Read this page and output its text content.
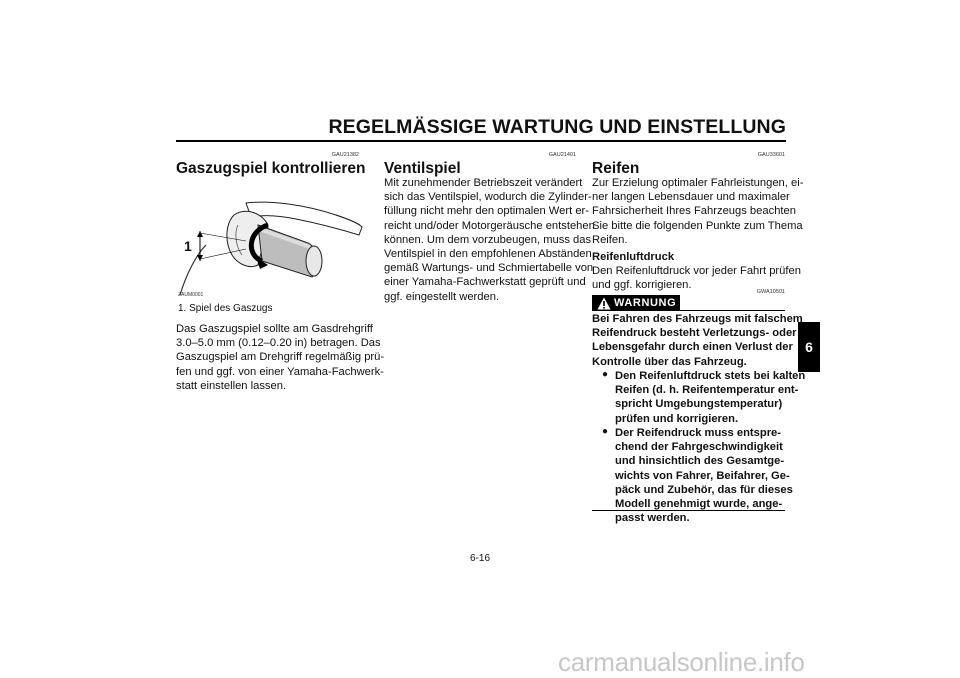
REGELMÄSSIGE WARTUNG UND EINSTELLUNG
6
GAU21382
Gaszugspiel kontrollieren
1
ZAUM0001
1. Spiel des Gaszugs
Das Gaszugspiel sollte am Gasdrehgriff
3.0–5.0 mm (0.12–0.20 in) betragen. Das
Gaszugspiel am Drehgriff regelmäßig prü-
fen und ggf. von einer Yamaha-Fachwerk-
statt einstellen lassen.
GAU21401
Ventilspiel
Mit zunehmender Betriebszeit verändert
sich das Ventilspiel, wodurch die Zylinder-
füllung nicht mehr den optimalen Wert er-
reicht und/oder Motorgeräusche entstehen
können. Um dem vorzubeugen, muss das
Ventilspiel in den empfohlenen Abständen
gemäß Wartungs- und Schmiertabelle von
einer Yamaha-Fachwerkstatt geprüft und
ggf. eingestellt werden.
GAU33601
Reifen
Zur Erzielung optimaler Fahrleistungen, ei-
ner langen Lebensdauer und maximaler
Fahrsicherheit Ihres Fahrzeugs beachten
Sie bitte die folgenden Punkte zum Thema
Reifen.
Reifenluftdruck
Den Reifenluftdruck vor jeder Fahrt prüfen
und ggf. korrigieren.
GWA10501
WARNUNG
Bei Fahren des Fahrzeugs mit falschem
Reifendruck besteht Verletzungs- oder
Lebensgefahr durch einen Verlust der
Kontrolle über das Fahrzeug.
● Den Reifenluftdruck stets bei kalten
Reifen (d. h. Reifentemperatur ent-
spricht Umgebungstemperatur)
prüfen und korrigieren.
● Der Reifendruck muss entspre-
chend der Fahrgeschwindigkeit
und hinsichtlich des Gesamtge-
wichts von Fahrer, Beifahrer, Ge-
päck und Zubehör, das für dieses
Modell genehmigt wurde, ange-
passt werden.
6-16
carmanualsonline.info
